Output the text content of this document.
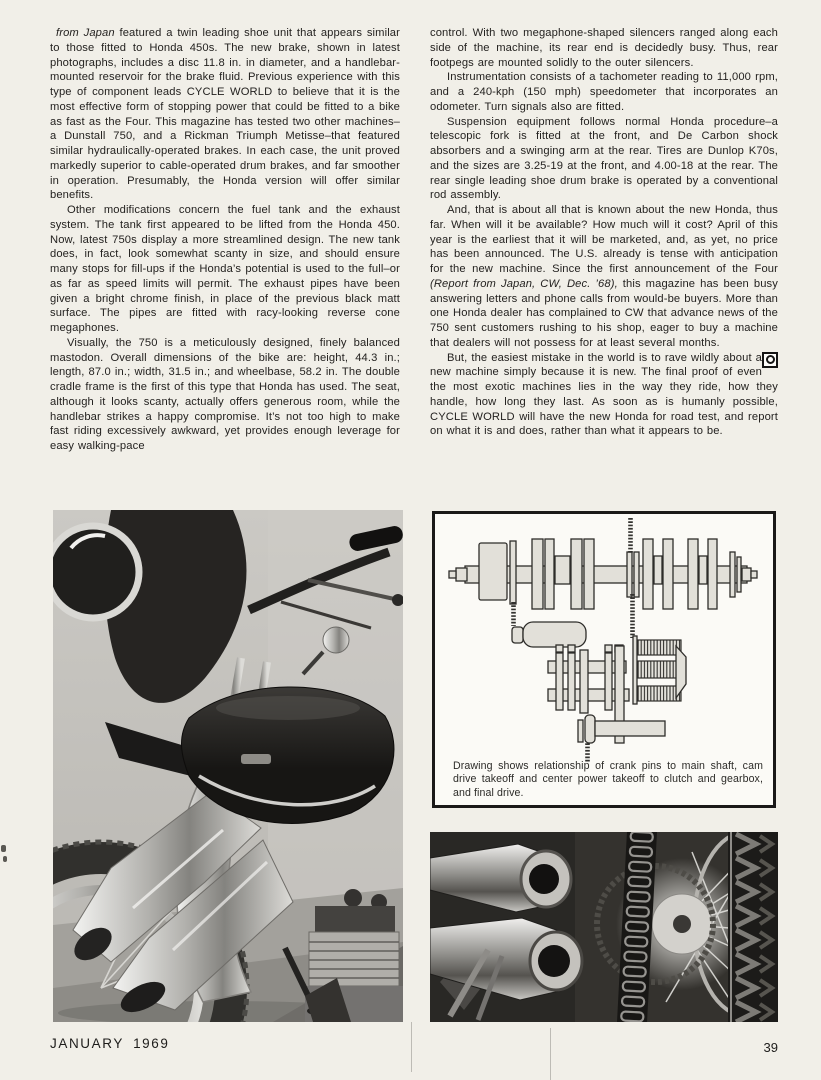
from Japan featured a twin leading shoe unit that appears similar to those fitted to Honda 450s. The new brake, shown in latest photographs, includes a disc 11.8 in. in diameter, and a handlebar-mounted reservoir for the brake fluid. Previous experience with this type of component leads CYCLE WORLD to believe that it is the most effective form of stopping power that could be fitted to a bike as fast as the Four. This magazine has tested two other machines–a Dunstall 750, and a Rickman Triumph Metisse–that featured similar hydraulically-operated brakes. In each case, the unit proved markedly superior to cable-operated drum brakes, and far smoother in operation. Presumably, the Honda version will offer similar benefits.

Other modifications concern the fuel tank and the exhaust system. The tank first appeared to be lifted from the Honda 450. Now, latest 750s display a more streamlined design. The new tank does, in fact, look somewhat scanty in size, and should ensure many stops for fill-ups if the Honda’s potential is used to the full–or as far as speed limits will permit. The exhaust pipes have been given a bright chrome finish, in place of the previous black matt surface. The pipes are fitted with racy-looking reverse cone megaphones.

Visually, the 750 is a meticulously designed, finely balanced mastodon. Overall dimensions of the bike are: height, 44.3 in.; length, 87.0 in.; width, 31.5 in.; and wheelbase, 58.2 in. The double cradle frame is the first of this type that Honda has used. The seat, although it looks scanty, actually offers generous room, while the handlebar strikes a happy compromise. It’s not too high to make fast riding excessively awkward, yet provides enough leverage for easy walking-pace

control. With two megaphone-shaped silencers ranged along each side of the machine, its rear end is decidedly busy. Thus, rear footpegs are mounted solidly to the outer silencers.

Instrumentation consists of a tachometer reading to 11,000 rpm, and a 240-kph (150 mph) speedometer that incorporates an odometer. Turn signals also are fitted.

Suspension equipment follows normal Honda procedure–a telescopic fork is fitted at the front, and De Carbon shock absorbers and a swinging arm at the rear. Tires are Dunlop K70s, and the sizes are 3.25-19 at the front, and 4.00-18 at the rear. The rear single leading shoe drum brake is operated by a conventional rod assembly.

And, that is about all that is known about the new Honda, thus far. When will it be available? How much will it cost? April of this year is the earliest that it will be marketed, and, as yet, no price has been announced. The U.S. already is tense with anticipation for the new machine. Since the first announcement of the Four (Report from Japan, CW, Dec. ’68), this magazine has been busy answering letters and phone calls from would-be buyers. More than one Honda dealer has complained to CW that advance news of the 750 sent customers rushing to his shop, eager to buy a machine that dealers will not possess for at least several months.

But, the easiest mistake in the world is to rave wildly about a new machine simply because it is new. The final proof of even the most exotic machines lies in the way they ride, how they handle, how long they last. As soon as is humanly possible, CYCLE WORLD will have the new Honda for road test, and report on what it is and does, rather than what it appears to be.

Drawing shows relationship of crank pins to main shaft, cam drive takeoff and center power takeoff to clutch and gearbox, and final drive.
JANUARY 1969	39
